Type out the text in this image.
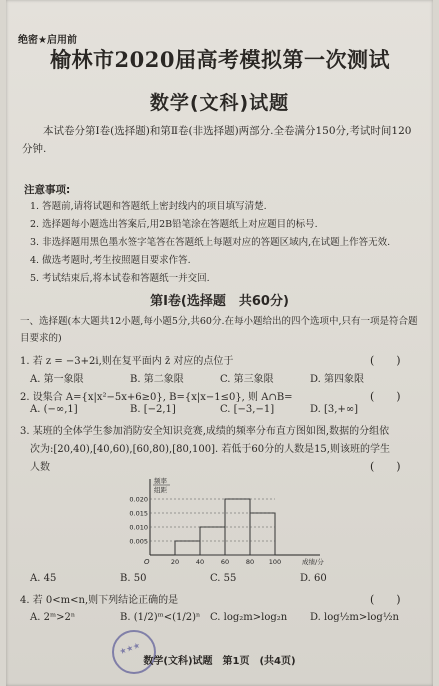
绝密★启用前
榆林市2020届高考模拟第一次测试
数学(文科)试题
本试卷分第Ⅰ卷(选择题)和第Ⅱ卷(非选择题)两部分.全卷满分150分,考试时间120分钟.
注意事项:
1. 答题前,请将试题和答题纸上密封线内的项目填写清楚.
2. 选择题每小题选出答案后,用2B铅笔涂在答题纸上对应题目的标号.
3. 非选择题用黑色墨水签字笔答在答题纸上每题对应的答题区域内,在试题上作答无效.
4. 做选考题时,考生按照题目要求作答.
5. 考试结束后,将本试卷和答题纸一并交回.
第Ⅰ卷(选择题　共60分)
一、选择题(本大题共12小题,每小题5分,共60分.在每小题给出的四个选项中,只有一项是符合题目要求的)
1. 若 z = −3+2i,则在复平面内 z̄ 对应的点位于	(　　)
A. 第一象限	B. 第二象限	C. 第三象限	D. 第四象限
2. 设集合 A={x|x²−5x+6≥0}, B={x|x−1≤0}, 则 A∩B=	(　　)
A. (−∞,1]	B. [−2,1]	C. [−3,−1]	D. [3,+∞]
3. 某班的全体学生参加消防安全知识竞赛,成绩的频率分布直方图如图,数据的分组依
次为:[20,40),[40,60),[60,80),[80,100]. 若低于60分的人数是15,则该班的学生
人数	(　　)
0.005
0.010
0.015
0.020
20	40	60	80 100
O	成绩/分
频率
组距
A. 45	B. 50	C. 55	D. 60
4. 若 0<m<n,则下列结论正确的是	(　　)
A. 2ᵐ>2ⁿ	B. (1/2)ᵐ<(1/2)ⁿ C. log₂m>log₂n D. log½m>log½n
★★★
数学(文科)试题　第1页　(共4页)
